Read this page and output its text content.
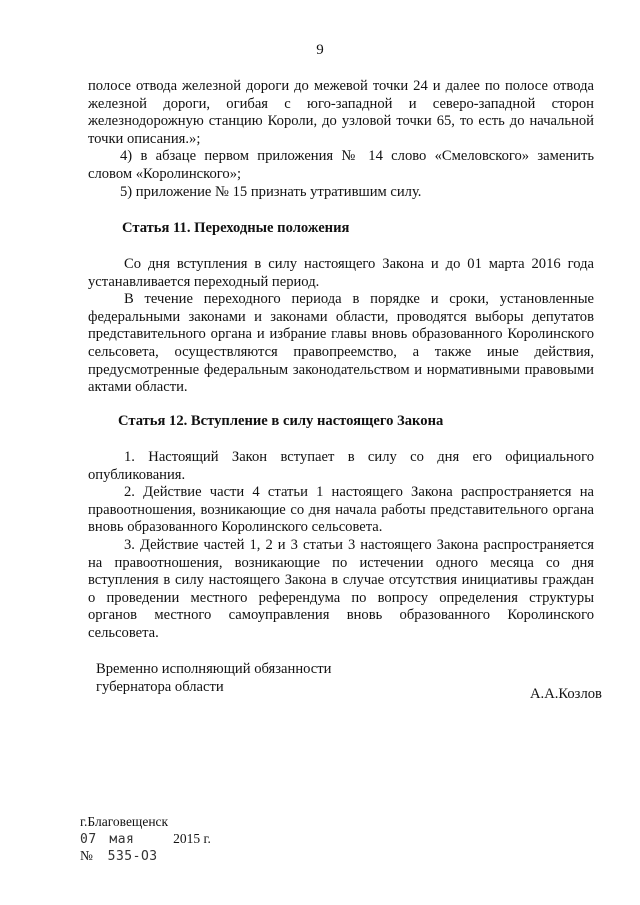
9

полосе отвода железной дороги до межевой точки 24 и далее по полосе отвода железной дороги, огибая с юго-западной и северо-западной сторон железнодорожную станцию Короли, до узловой точки 65, то есть до начальной точки описания.»;

4) в абзаце первом приложения № 14 слово «Смеловского» заменить словом «Королинского»;

5) приложение № 15 признать утратившим силу.

Статья 11. Переходные положения

Со дня вступления в силу настоящего Закона и до 01 марта 2016 года устанавливается переходный период.

В течение переходного периода в порядке и сроки, установленные федеральными законами и законами области, проводятся выборы депутатов представительного органа и избрание главы вновь образованного Королинского сельсовета, осуществляются правопреемство, а также иные действия, предусмотренные федеральным законодательством и нормативными правовыми актами области.

Статья 12. Вступление в силу настоящего Закона

1. Настоящий Закон вступает в силу со дня его официального опубликования.

2. Действие части 4 статьи 1 настоящего Закона распространяется на правоотношения, возникающие со дня начала работы представительного органа вновь образованного Королинского сельсовета.

3. Действие частей 1, 2 и 3 статьи 3 настоящего Закона распространяется на правоотношения, возникающие по истечении одного месяца со дня вступления в силу настоящего Закона в случае отсутствия инициативы граждан о проведении местного референдума по вопросу определения структуры органов местного самоуправления вновь образованного Королинского сельсовета.

Временно исполняющий обязанности
губернатора области	А.А.Козлов
г.Благовещенск
07 мая	2015 г.
№ 535-ОЗ
